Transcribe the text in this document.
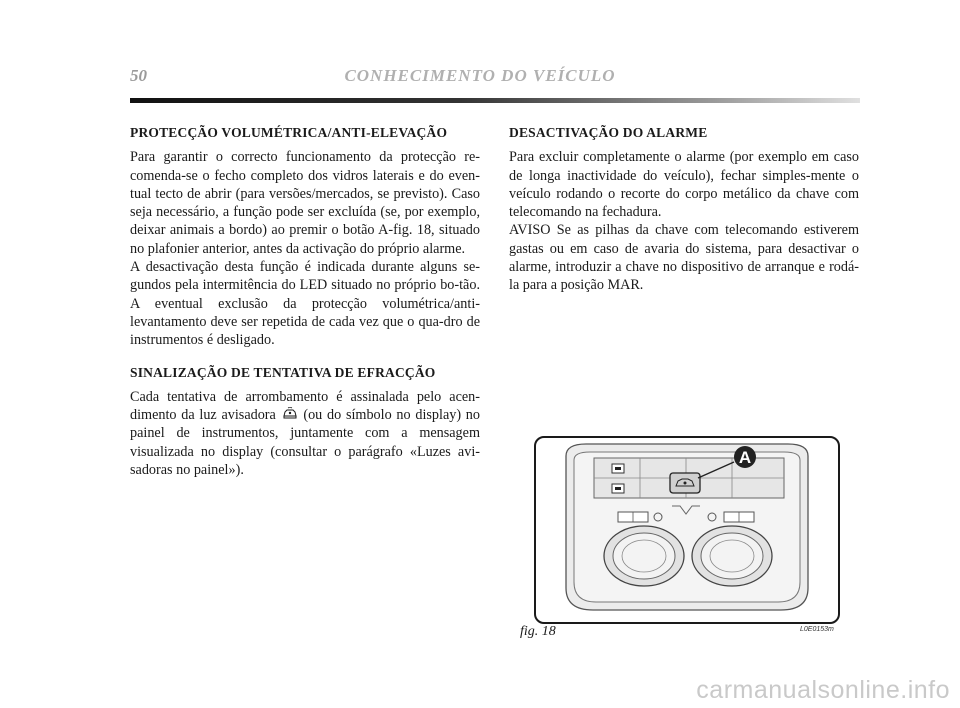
50	CONHECIMENTO DO VEÍCULO
PROTECÇÃO VOLUMÉTRICA/ANTI-ELEVAÇÃO

Para garantir o correcto funcionamento da protecção re-comenda-se o fecho completo dos vidros laterais e do even-tual tecto de abrir (para versões/mercados, se previsto). Caso seja necessário, a função pode ser excluída (se, por exemplo, deixar animais a bordo) ao premir o botão A-fig. 18, situado no plafonier anterior, antes da activação do próprio alarme.

A desactivação desta função é indicada durante alguns se-gundos pela intermitência do LED situado no próprio bo-tão. A eventual exclusão da protecção volumétrica/anti-levantamento deve ser repetida de cada vez que o qua-dro de instrumentos é desligado.

SINALIZAÇÃO DE TENTATIVA DE EFRACÇÃO

Cada tentativa de arrombamento é assinalada pelo acen-dimento da luz avisadora (ou do símbolo no display) no painel de instrumentos, juntamente com a mensagem visualizada no display (consultar o parágrafo «Luzes avi-sadoras no painel»).

DESACTIVAÇÃO DO ALARME

Para excluir completamente o alarme (por exemplo em caso de longa inactividade do veículo), fechar simples-mente o veículo rodando o recorte do corpo metálico da chave com telecomando na fechadura.

AVISO Se as pilhas da chave com telecomando estiverem gastas ou em caso de avaria do sistema, para desactivar o alarme, introduzir a chave no dispositivo de arranque e rodá-la para a posição MAR.

A
fig. 18	L0E0153m
carmanualsonline.info
